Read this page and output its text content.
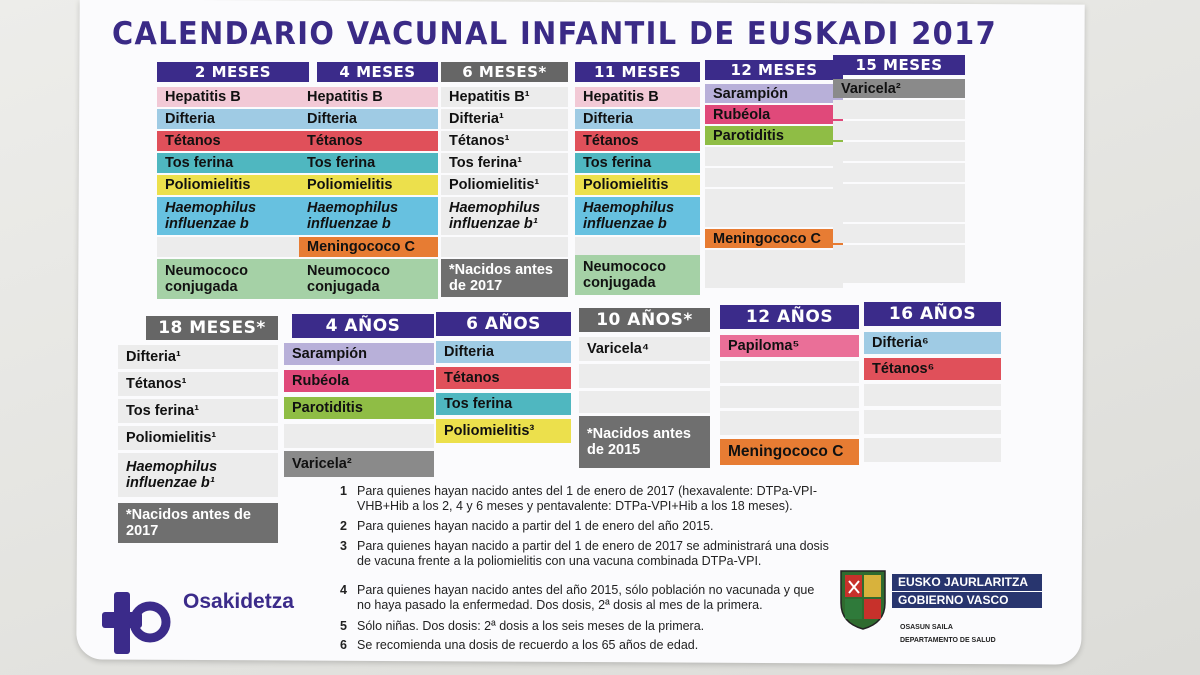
CALENDARIO VACUNAL INFANTIL DE EUSKADI 2017
2 MESES
Hepatitis B
Difteria
Tétanos
Tos ferina
Poliomielitis
Haemophilus influenzae b
Neumococo conjugada
4 MESES
Hepatitis B
Difteria
Tétanos
Tos ferina
Poliomielitis
Haemophilus influenzae b
Meningococo C
Neumococo conjugada
6 MESES*
Hepatitis B¹
Difteria¹
Tétanos¹
Tos ferina¹
Poliomielitis¹
Haemophilus influenzae b¹
*Nacidos antes de 2017
11 MESES
Hepatitis B
Difteria
Tétanos
Tos ferina
Poliomielitis
Haemophilus influenzae b
Neumococo conjugada
12 MESES
Sarampión
Rubéola
Parotiditis
Meningococo C
15 MESES
Varicela²
18 MESES*
Difteria¹
Tétanos¹
Tos ferina¹
Poliomielitis¹
Haemophilus influenzae b¹
*Nacidos antes de 2017
4 AÑOS
Sarampión
Rubéola
Parotiditis
Varicela²
6 AÑOS
Difteria
Tétanos
Tos ferina
Poliomielitis³
10 AÑOS*
Varicela⁴
*Nacidos antes de 2015
12 AÑOS
Papiloma⁵
Meningococo C
16 AÑOS
Difteria⁶
Tétanos⁶
1 Para quienes hayan nacido antes del 1 de enero de 2017 (hexavalente: DTPa-VPI-VHB+Hib a los 2, 4 y 6 meses y pentavalente: DTPa-VPI+Hib a los 18 meses).
2 Para quienes hayan nacido a partir del 1 de enero del año 2015.
3 Para quienes hayan nacido a partir del 1 de enero de 2017 se administrará una dosis de vacuna frente a la poliomielitis con una vacuna combinada DTPa-VPI.
4 Para quienes hayan nacido antes del año 2015, sólo población no vacunada y que no haya pasado la enfermedad. Dos dosis, 2ª dosis al mes de la primera.
5 Sólo niñas. Dos dosis: 2ª dosis a los seis meses de la primera.
6 Se recomienda una dosis de recuerdo a los 65 años de edad.
Osakidetza
EUSKO JAURLARITZA
GOBIERNO VASCO
OSASUN SAILA
DEPARTAMENTO DE SALUD
